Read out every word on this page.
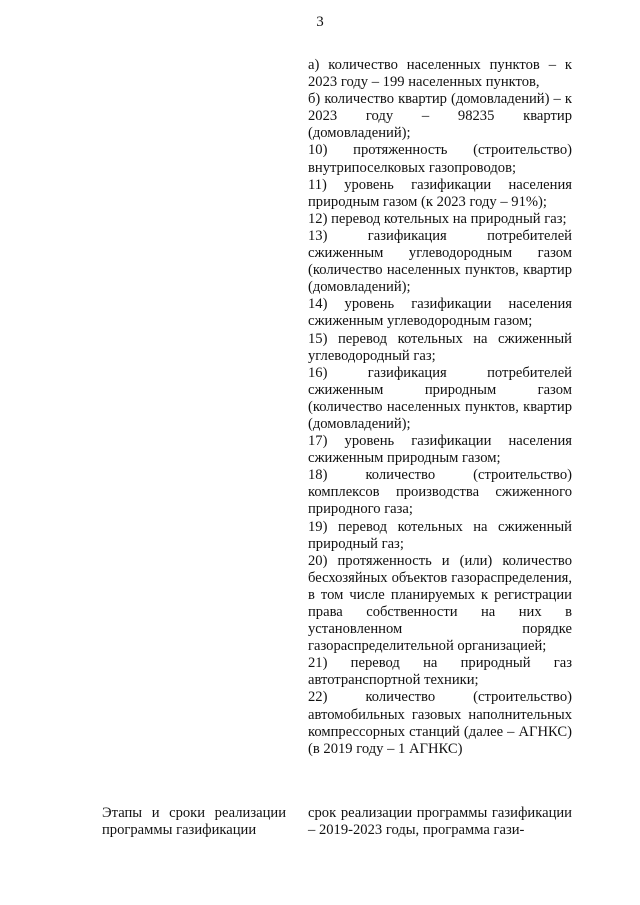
3

а) количество населенных пунктов – к 2023 году – 199 населенных пунктов,

б) количество квартир (домовладений) – к 2023 году – 98235 квартир (домовладений);

10) протяженность (строительство) внутрипоселковых газопроводов;

11) уровень газификации населения природным газом (к 2023 году – 91%);

12) перевод котельных на природный газ;

13) газификация потребителей сжиженным углеводородным газом (количество населенных пунктов, квартир (домовладений);

14) уровень газификации населения сжиженным углеводородным газом;

15) перевод котельных на сжиженный углеводородный газ;

16) газификация потребителей сжиженным природным газом (количество населенных пунктов, квартир (домовладений);

17) уровень газификации населения сжиженным природным газом;

18) количество (строительство) комплексов производства сжиженного природного газа;

19) перевод котельных на сжиженный природный газ;

20) протяженность и (или) количество бесхозяйных объектов газораспределения, в том числе планируемых к регистрации права собственности на них в установленном порядке газораспределительной организацией;

21) перевод на природный газ автотранспортной техники;

22) количество (строительство) автомобильных газовых наполнительных компрессорных станций (далее – АГНКС) (в 2019 году – 1 АГНКС)

Этапы и сроки реализации программы газификации
срок реализации программы газификации – 2019-2023 годы, программа гази-
